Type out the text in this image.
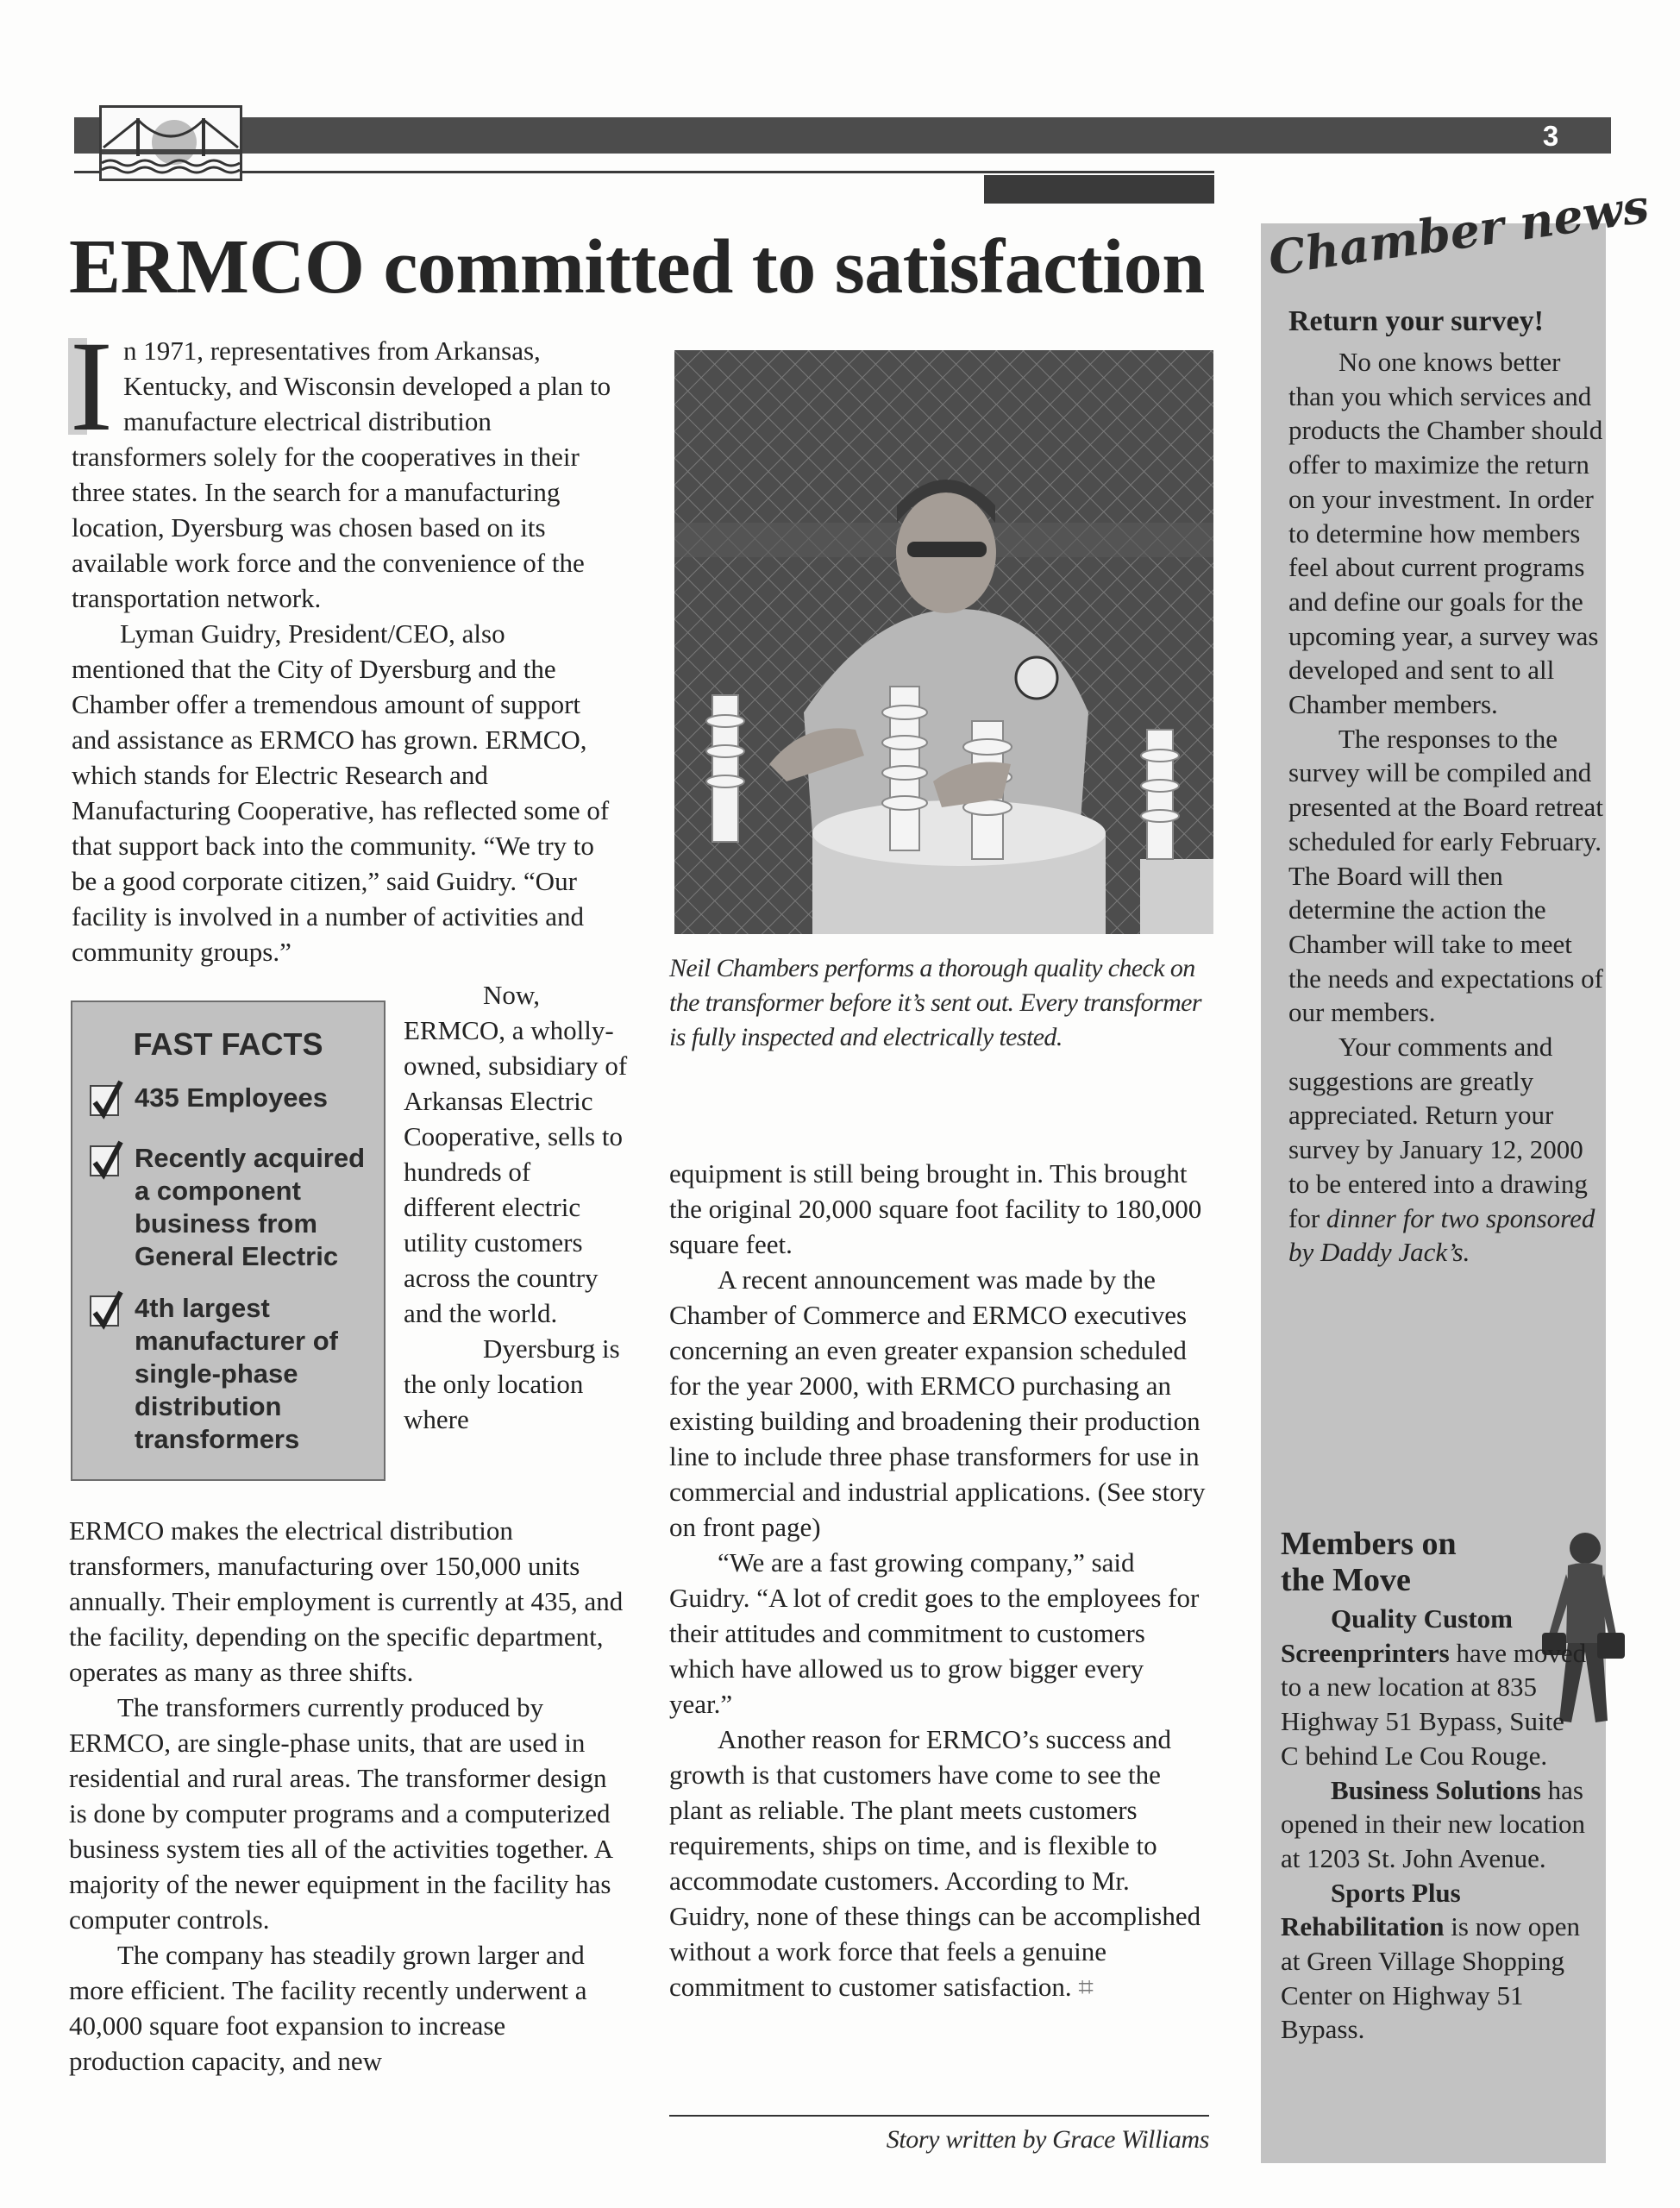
3
ERMCO committed to satisfaction

I n 1971, representatives from Arkansas, Kentucky, and Wisconsin developed a plan to manufacture electrical distribution transformers solely for the cooperatives in their three states. In the search for a manufacturing location, Dyersburg was chosen based on its available work force and the convenience of the transportation network.

Lyman Guidry, President/CEO, also mentioned that the City of Dyersburg and the Chamber offer a tremendous amount of support and assistance as ERMCO has grown. ERMCO, which stands for Electric Research and Manufacturing Cooperative, has reflected some of that support back into the community. “We try to be a good corporate citizen,” said Guidry. “Our facility is involved in a number of activities and community groups.”

FAST FACTS
435 Employees
Recently acquired a component business from General Electric
4th largest manufacturer of single-phase distribution transformers

Now, ERMCO, a wholly-owned, subsidiary of Arkansas Electric Cooperative, sells to hundreds of different electric utility customers across the country and the world.

Dyersburg is the only location where

ERMCO makes the electrical distribution transformers, manufacturing over 150,000 units annually. Their employment is currently at 435, and the facility, depending on the specific department, operates as many as three shifts.

The transformers currently produced by ERMCO, are single-phase units, that are used in residential and rural areas. The transformer design is done by computer programs and a computerized business system ties all of the activities together. A majority of the newer equipment in the facility has computer controls.

The company has steadily grown larger and more efficient. The facility recently underwent a 40,000 square foot expansion to increase production capacity, and new

Neil Chambers performs a thorough quality check on the transformer before it’s sent out. Every transformer is fully inspected and electrically tested.

equipment is still being brought in. This brought the original 20,000 square foot facility to 180,000 square feet.

A recent announcement was made by the Chamber of Commerce and ERMCO executives concerning an even greater expansion scheduled for the year 2000, with ERMCO purchasing an existing building and broadening their production line to include three phase transformers for use in commercial and industrial applications. (See story on front page)

“We are a fast growing company,” said Guidry. “A lot of credit goes to the employees for their attitudes and commitment to customers which have allowed us to grow bigger every year.”

Another reason for ERMCO’s success and growth is that customers have come to see the plant as reliable. The plant meets customers requirements, ships on time, and is flexible to accommodate customers. According to Mr. Guidry, none of these things can be accomplished without a work force that feels a genuine commitment to customer satisfaction. ⌗

Story written by Grace Williams
Chamber news
Return your survey!

No one knows better than you which services and products the Chamber should offer to maximize the return on your investment. In order to determine how members feel about current programs and define our goals for the upcoming year, a survey was developed and sent to all Chamber members.

The responses to the survey will be compiled and presented at the Board retreat scheduled for early February. The Board will then determine the action the Chamber will take to meet the needs and expectations of our members.

Your comments and suggestions are greatly appreciated. Return your survey by January 12, 2000 to be entered into a drawing for dinner for two sponsored by Daddy Jack’s.

Members on the Move

Quality Custom Screenprinters have moved to a new location at 835 Highway 51 Bypass, Suite C behind Le Cou Rouge.

Business Solutions has opened in their new location at 1203 St. John Avenue.

Sports Plus Rehabilitation is now open at Green Village Shopping Center on Highway 51 Bypass.
